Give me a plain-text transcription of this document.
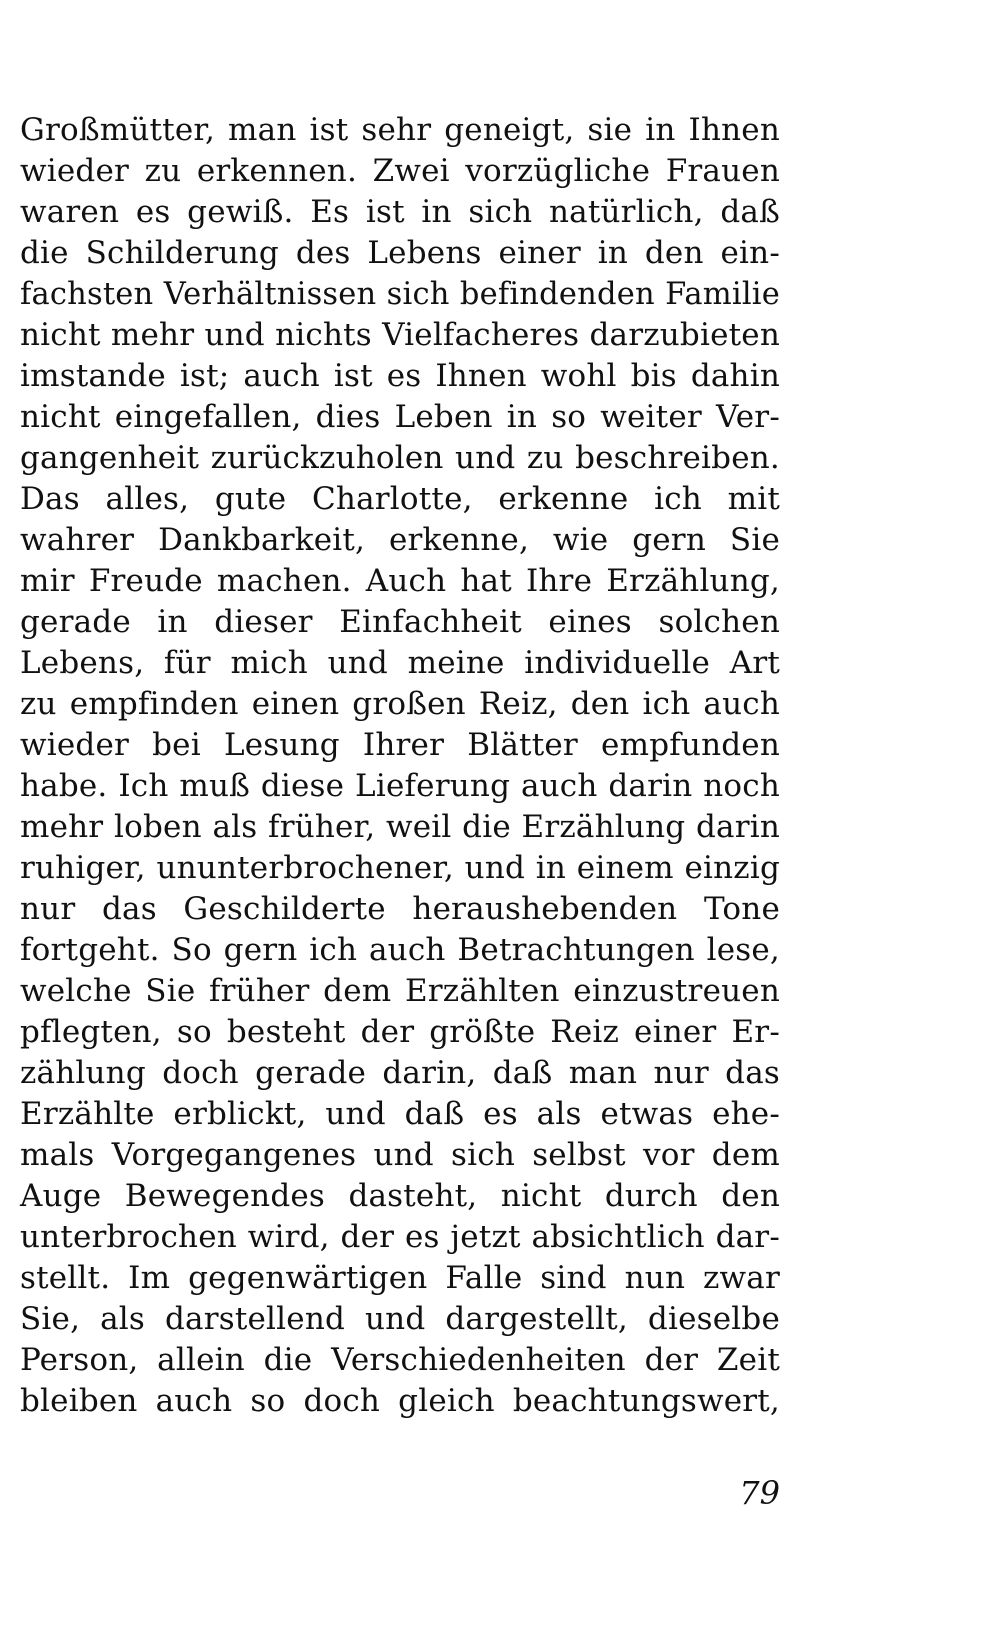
Großmütter, man ist sehr geneigt, sie in Ihnen
wieder zu erkennen. Zwei vorzügliche Frauen
waren es gewiß. Es ist in sich natürlich, daß
die Schilderung des Lebens einer in den ein-
fachsten Verhältnissen sich befindenden Familie
nicht mehr und nichts Vielfacheres darzubieten
imstande ist; auch ist es Ihnen wohl bis dahin
nicht eingefallen, dies Leben in so weiter Ver-
gangenheit zurückzuholen und zu beschreiben.
Das alles, gute Charlotte, erkenne ich mit
wahrer Dankbarkeit, erkenne, wie gern Sie
mir Freude machen. Auch hat Ihre Erzählung,
gerade in dieser Einfachheit eines solchen
Lebens, für mich und meine individuelle Art
zu empfinden einen großen Reiz, den ich auch
wieder bei Lesung Ihrer Blätter empfunden
habe. Ich muß diese Lieferung auch darin noch
mehr loben als früher, weil die Erzählung darin
ruhiger, ununterbrochener, und in einem einzig
nur das Geschilderte heraushebenden Tone
fortgeht. So gern ich auch Betrachtungen lese,
welche Sie früher dem Erzählten einzustreuen
pflegten, so besteht der größte Reiz einer Er-
zählung doch gerade darin, daß man nur das
Erzählte erblickt, und daß es als etwas ehe-
mals Vorgegangenes und sich selbst vor dem
Auge Bewegendes dasteht, nicht durch den
unterbrochen wird, der es jetzt absichtlich dar-
stellt. Im gegenwärtigen Falle sind nun zwar
Sie, als darstellend und dargestellt, dieselbe
Person, allein die Verschiedenheiten der Zeit
bleiben auch so doch gleich beachtungswert,
79
